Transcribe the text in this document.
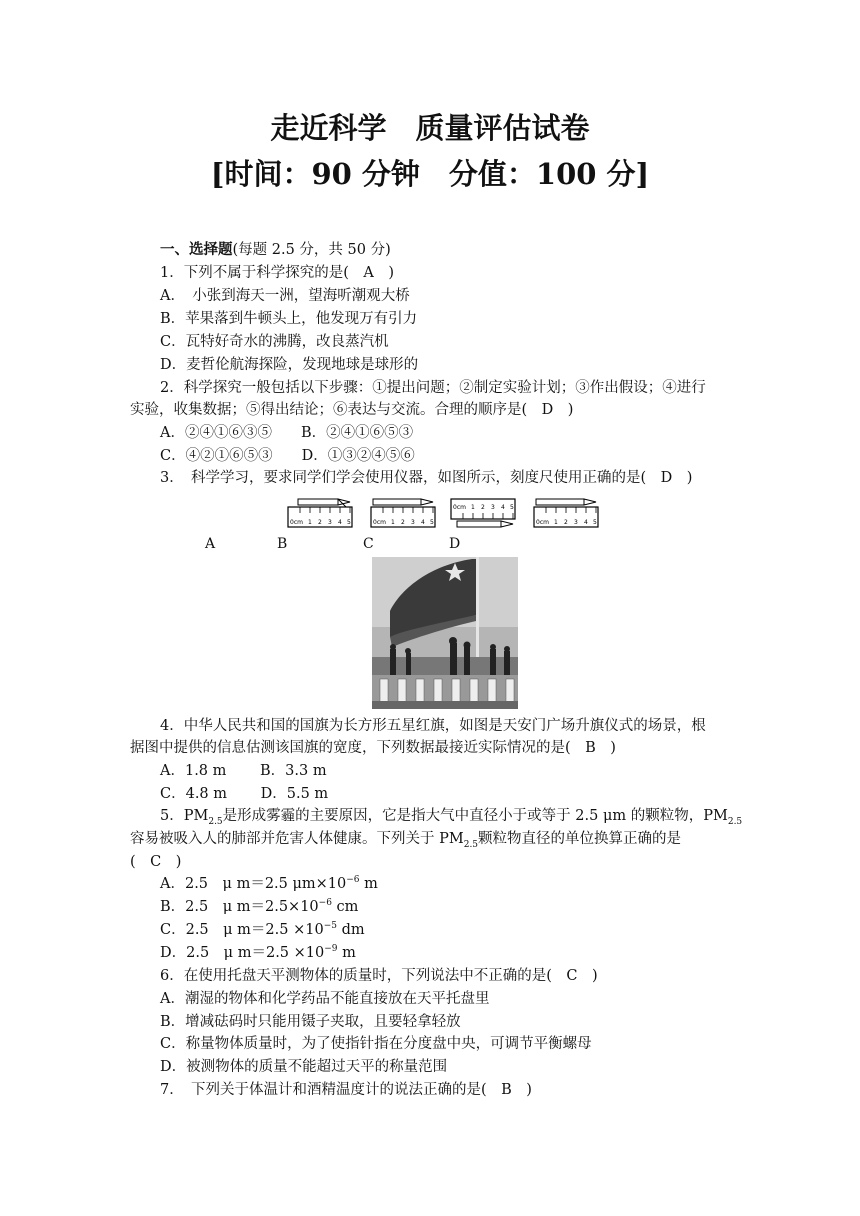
走近科学　质量评估试卷
[时间：90 分钟　分值：100 分]
一、选择题(每题 2.5 分，共 50 分)
1．下列不属于科学探究的是(　A　)
A．　小张到海天一洲，望海听潮观大桥
B．苹果落到牛顿头上，他发现万有引力
C．瓦特好奇水的沸腾，改良蒸汽机
D．麦哲伦航海探险，发现地球是球形的
2．科学探究一般包括以下步骤：①提出问题；②制定实验计划；③作出假设；④进行
实验，收集数据；⑤得出结论；⑥表达与交流。合理的顺序是(　D　)
A．②④①⑥③⑤　　B．②④①⑥⑤③
C．④②①⑥⑤③　　D．①③②④⑤⑥
3．　科学学习，要求同学们学会使用仪器，如图所示，刻度尺使用正确的是(　D　)
0cm 1 2 3 4 5	0cm 1 2 3 4 5
0cm 1 2 3 4 5
0cm 1 2 3 4 5
A	B	C	D
4．中华人民共和国的国旗为长方形五星红旗，如图是天安门广场升旗仪式的场景，根
据图中提供的信息估测该国旗的宽度，下列数据最接近实际情况的是(　B　)
A．1.8 m　　 B．3.3 m
C．4.8 m　　 D．5.5 m
5．$PM_{2.5}$是形成雾霾的主要原因，它是指大气中直径小于或等于 2.5 μm 的颗粒物，$PM_{2.5}$
容易被吸入人的肺部并危害人体健康。下列关于 $PM_{2.5}$颗粒物直径的单位换算正确的是
(　C　)
A．2.5　μ m＝2.5 $\mu m\times 10^{-6}$ m
B．2.5　μ $m=2.5\times 10^{-6}$ cm
C．2.5　μ $m=2.5 \times 10^{-5}$ dm
D．2.5　μ $m=2.5 \times 10^{-9}$ m
6．在使用托盘天平测物体的质量时，下列说法中不正确的是(　C　)
A．潮湿的物体和化学药品不能直接放在天平托盘里
B．增减砝码时只能用镊子夹取，且要轻拿轻放
C．称量物体质量时，为了使指针指在分度盘中央，可调节平衡螺母
D．被测物体的质量不能超过天平的称量范围
7．　下列关于体温计和酒精温度计的说法正确的是(　B　)
